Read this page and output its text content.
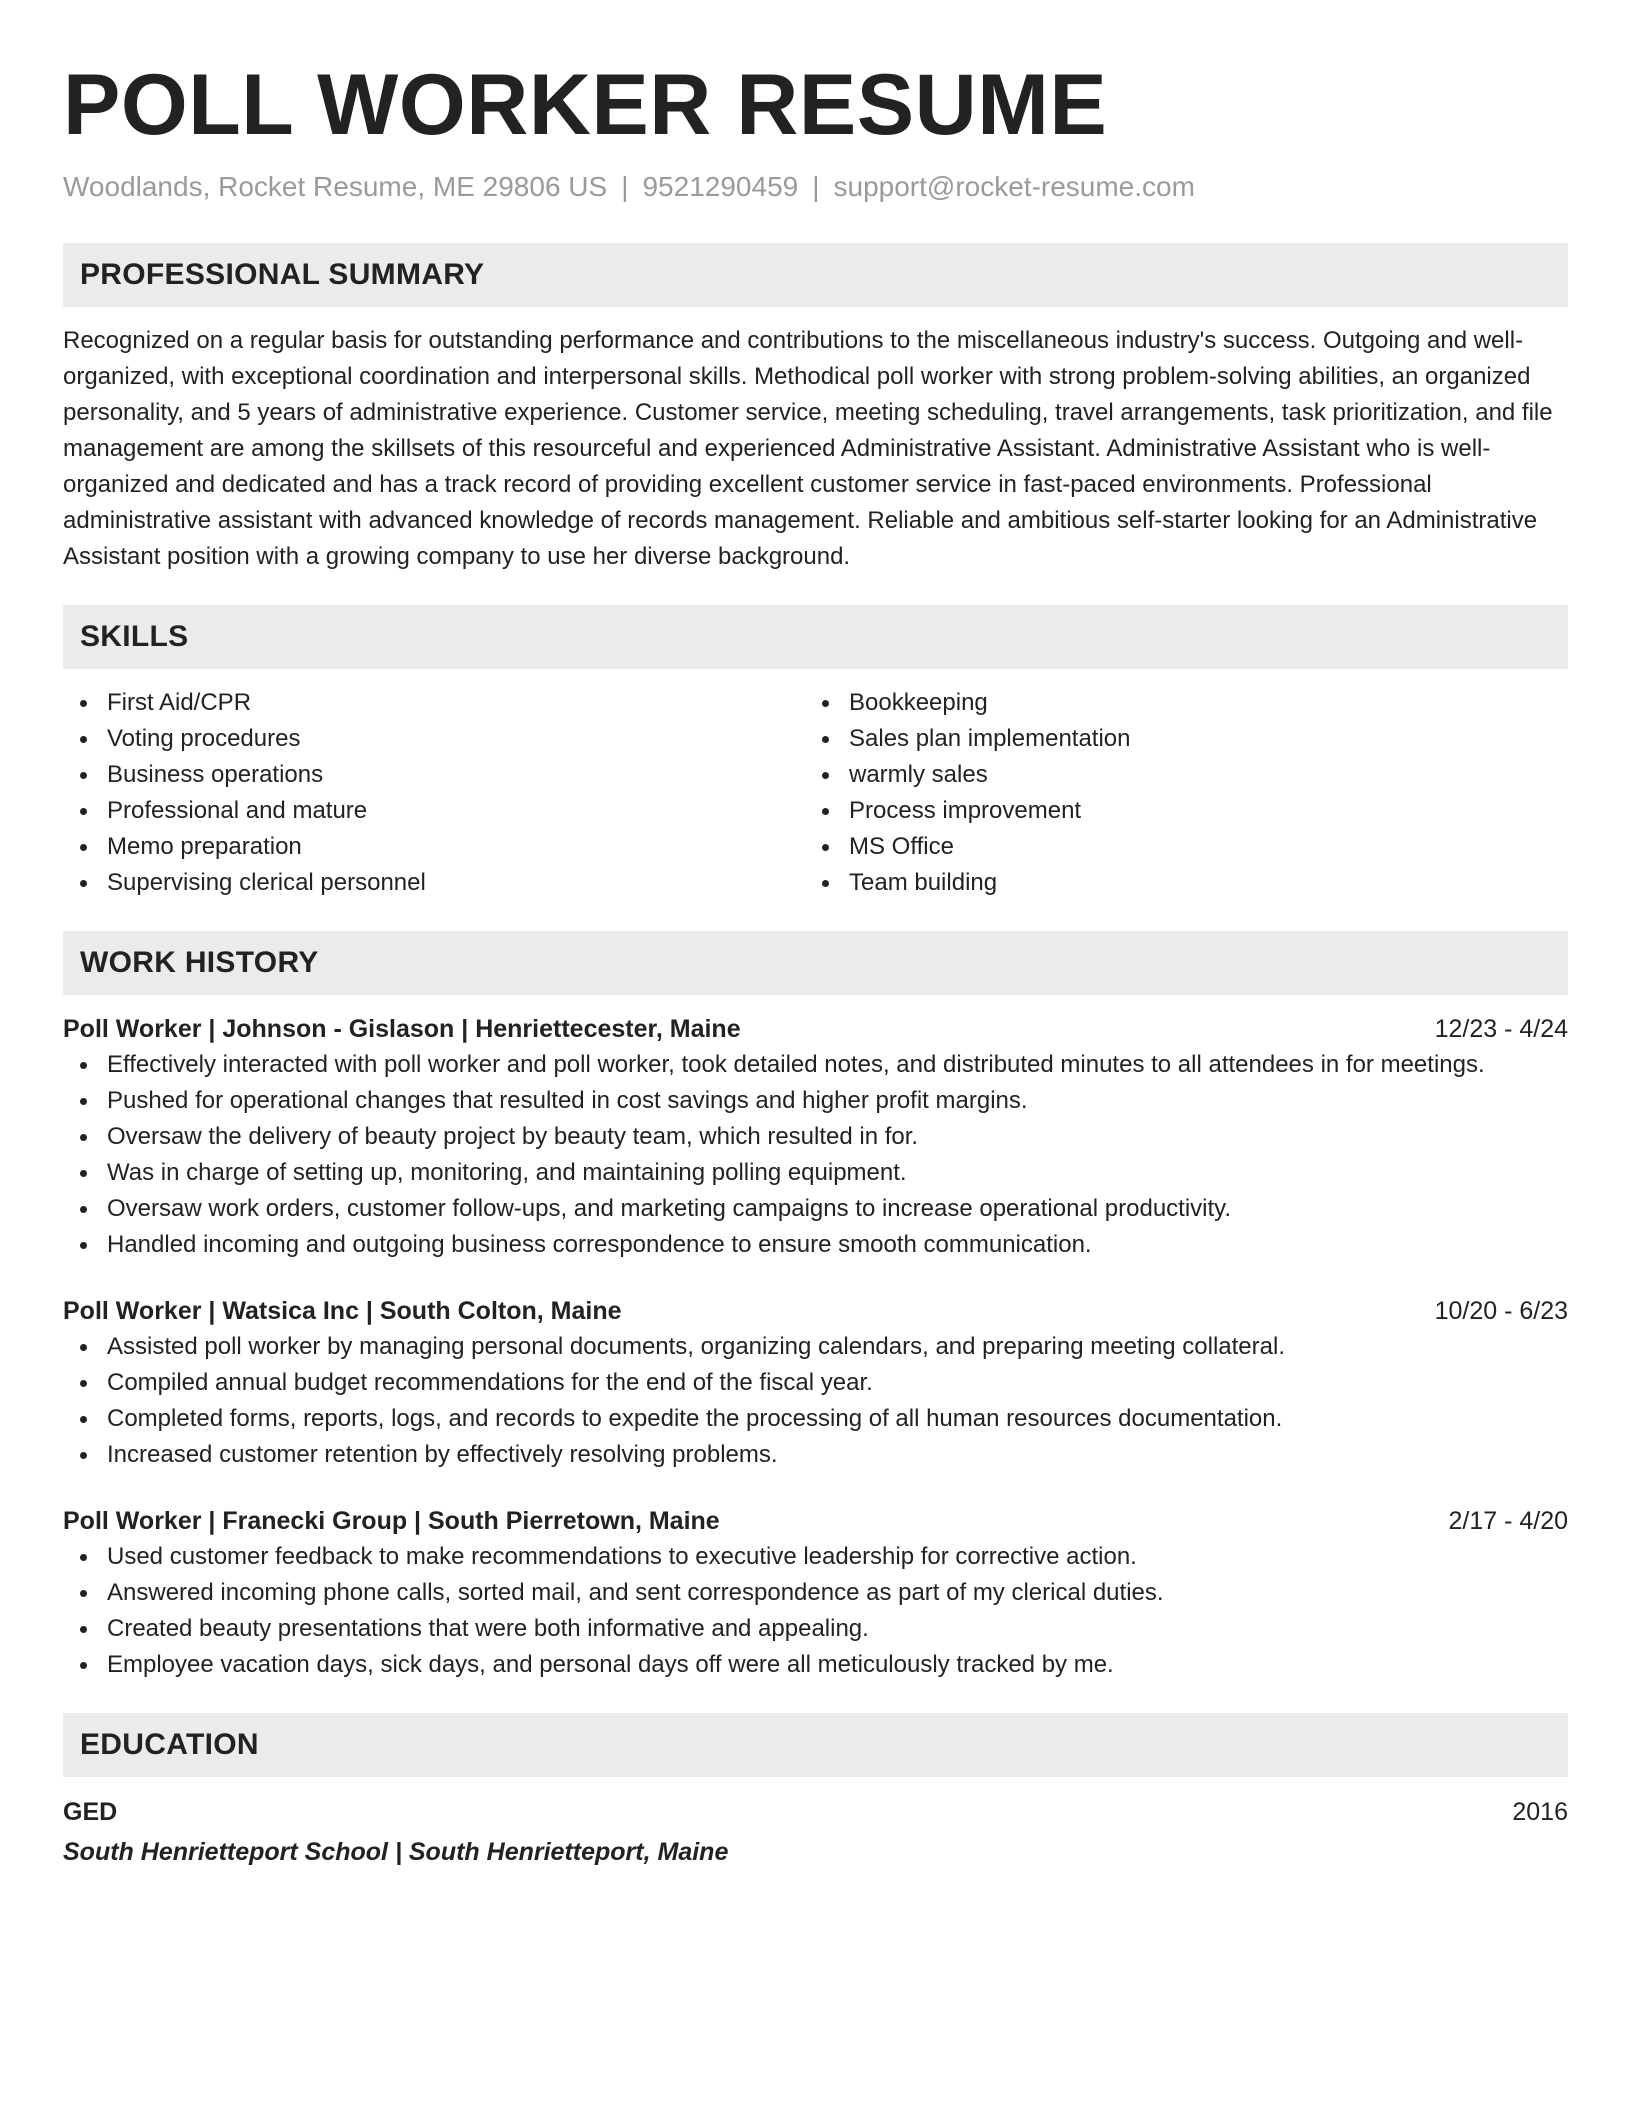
POLL WORKER RESUME
Woodlands, Rocket Resume, ME 29806 US | 9521290459 | support@rocket-resume.com
PROFESSIONAL SUMMARY
Recognized on a regular basis for outstanding performance and contributions to the miscellaneous industry's success. Outgoing and well-organized, with exceptional coordination and interpersonal skills. Methodical poll worker with strong problem-solving abilities, an organized personality, and 5 years of administrative experience. Customer service, meeting scheduling, travel arrangements, task prioritization, and file management are among the skillsets of this resourceful and experienced Administrative Assistant. Administrative Assistant who is well-organized and dedicated and has a track record of providing excellent customer service in fast-paced environments. Professional administrative assistant with advanced knowledge of records management. Reliable and ambitious self-starter looking for an Administrative Assistant position with a growing company to use her diverse background.
SKILLS
First Aid/CPR
Voting procedures
Business operations
Professional and mature
Memo preparation
Supervising clerical personnel
Bookkeeping
Sales plan implementation
warmly sales
Process improvement
MS Office
Team building
WORK HISTORY
Poll Worker | Johnson - Gislason | Henriettecester, Maine	12/23 - 4/24
Effectively interacted with poll worker and poll worker, took detailed notes, and distributed minutes to all attendees in for meetings.
Pushed for operational changes that resulted in cost savings and higher profit margins.
Oversaw the delivery of beauty project by beauty team, which resulted in for.
Was in charge of setting up, monitoring, and maintaining polling equipment.
Oversaw work orders, customer follow-ups, and marketing campaigns to increase operational productivity.
Handled incoming and outgoing business correspondence to ensure smooth communication.
Poll Worker | Watsica Inc | South Colton, Maine	10/20 - 6/23
Assisted poll worker by managing personal documents, organizing calendars, and preparing meeting collateral.
Compiled annual budget recommendations for the end of the fiscal year.
Completed forms, reports, logs, and records to expedite the processing of all human resources documentation.
Increased customer retention by effectively resolving problems.
Poll Worker | Franecki Group | South Pierretown, Maine	2/17 - 4/20
Used customer feedback to make recommendations to executive leadership for corrective action.
Answered incoming phone calls, sorted mail, and sent correspondence as part of my clerical duties.
Created beauty presentations that were both informative and appealing.
Employee vacation days, sick days, and personal days off were all meticulously tracked by me.
EDUCATION
GED	2016
South Henrietteport School | South Henrietteport, Maine
